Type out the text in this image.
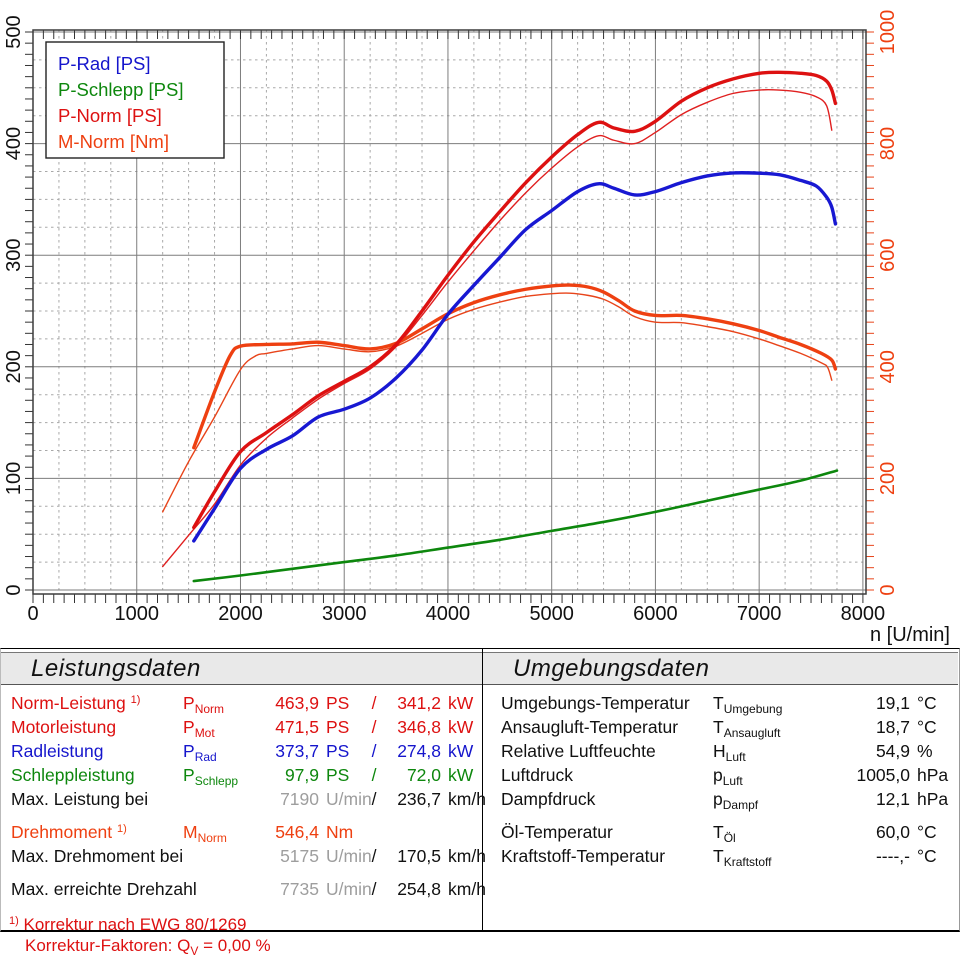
0	1000	2000	3000	4000	5000	6000	7000	8000
0
100
200
300
400
500
0
200
400
600
800
1000
n [U/min]
P-Rad [PS]
P-Schlepp [PS]
P-Norm [PS]
M-Norm [Nm]
Leistungsdaten
Norm-Leistung $^{1)}$	$P_{Norm}$	463,9 PS	/	341,2 kW
Motorleistung	$P_{Mot}$	471,5 PS	/	346,8 kW
Radleistung	$P_{Rad}$	373,7 PS	/	274,8 kW
Schleppleistung	$P_{Schlepp}$	97,9 PS	/	72,0 kW
Max. Leistung bei	7190 U/min /	236,7 km/h
Drehmoment $^{1)}$	$M_{Norm}$	546,4 Nm
Max. Drehmoment bei	5175 U/min /	170,5 km/h
Max. erreichte Drehzahl	7735 U/min /	254,8 km/h
$^{1)}$ Korrektur nach EWG 80/1269
Korrektur-Faktoren: $Q_V = 0,00$ %
Umgebungsdaten
Umgebungs-Temperatur	$T_{Umgebung}$	19,1 °C
Ansaugluft-Temperatur	$T_{Ansaugluft}$	18,7 °C
Relative Luftfeuchte	$H_{Luft}$	54,9 %
Luftdruck	$p_{Luft}$	1005,0 hPa
Dampfdruck	$p_{Dampf}$	12,1 hPa
Öl-Temperatur	$T_{Öl}$	60,0 °C
Kraftstoff-Temperatur	$T_{Kraftstoff}$	----,- °C
